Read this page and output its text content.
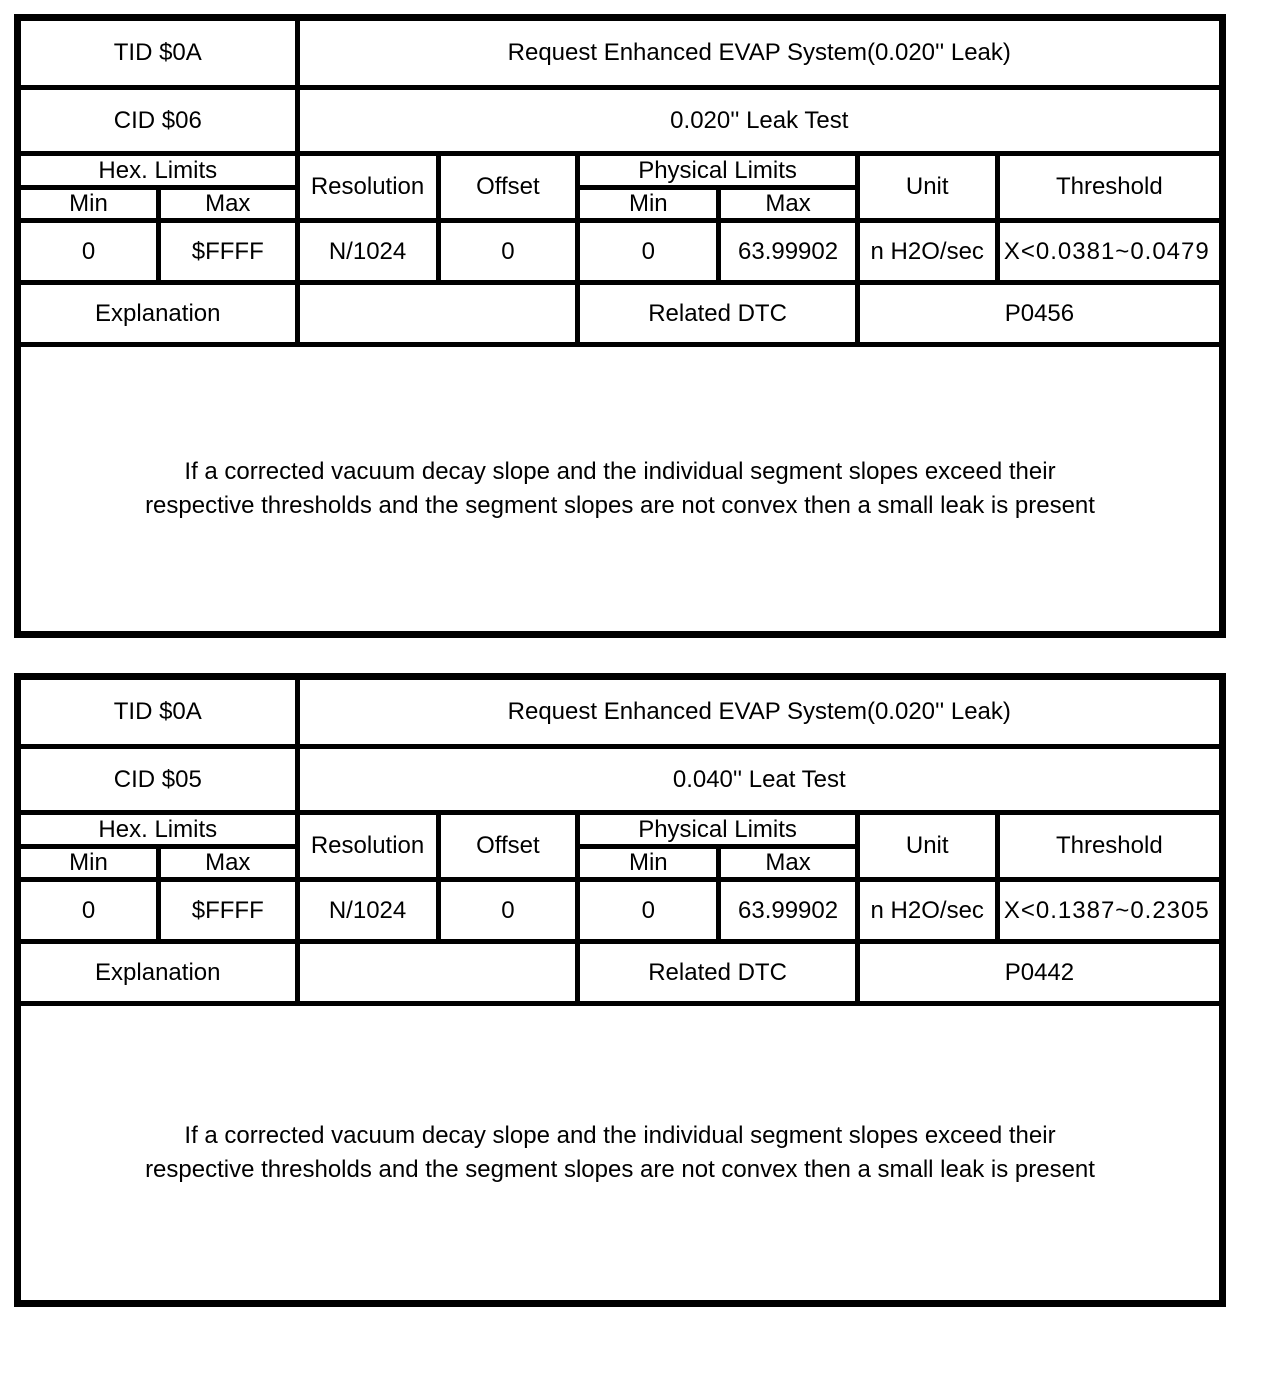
TID $0A		Request Enhanced EVAP System(0.020'' Leak)					
CID $06		0.020'' Leak Test					
Hex. Limits		Resolution	Offset	Physical Limits		Unit	Threshold
Min	Max			Min	Max		
0	$FFFF	N/1024	0	0	63.99902	n H2O/sec	X<0.0381~0.0479
Explanation				Related DTC		P0456	

If a corrected vacuum decay slope and the individual segment slopes exceed their
respective thresholds and the segment slopes are not convex then a small leak is present							
TID $0A		Request Enhanced EVAP System(0.020'' Leak)					
CID $05		0.040'' Leat Test					
Hex. Limits		Resolution	Offset	Physical Limits		Unit	Threshold
Min	Max			Min	Max		
0	$FFFF	N/1024	0	0	63.99902	n H2O/sec	X<0.1387~0.2305
Explanation				Related DTC		P0442	

If a corrected vacuum decay slope and the individual segment slopes exceed their
respective thresholds and the segment slopes are not convex then a small leak is present							
